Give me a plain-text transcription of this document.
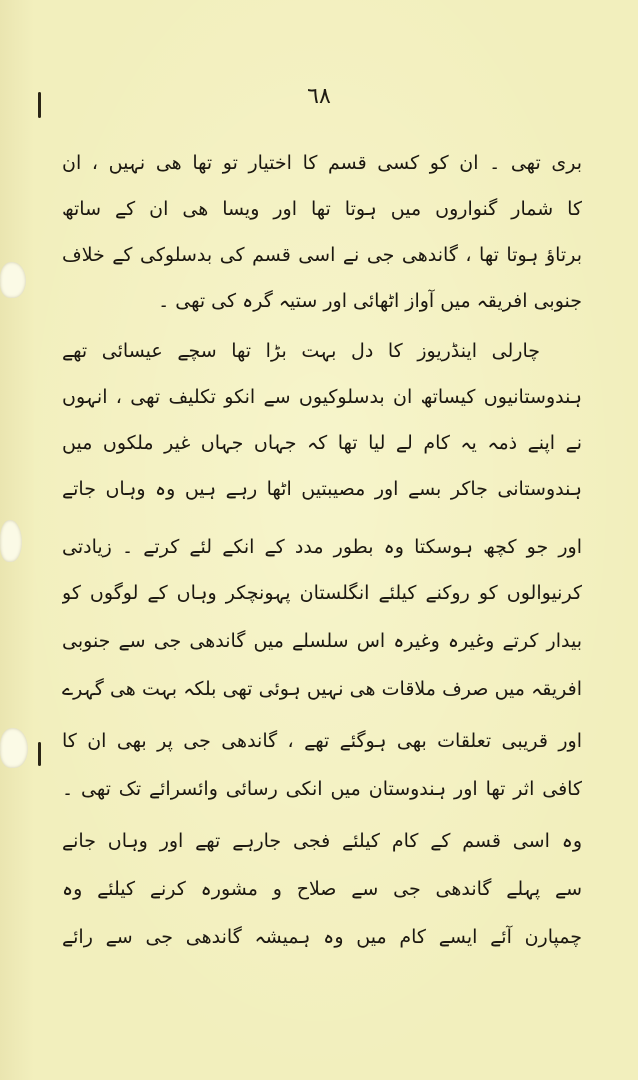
٦٨
بری تھی ۔ ان کو کسی قسم کا اختیار تو تھا ھی نہیں ، ان
کا شمار گنواروں میں ہوتا تھا اور ویسا ھی ان کے ساتھ
برتاؤ ہوتا تھا ، گاندھی جی نے اسی قسم کی بدسلوکی کے خلاف
جنوبی افریقہ میں آواز اٹھائی اور ستیہ گرہ کی تھی ۔
چارلی اینڈریوز کا دل بہت بڑا تھا سچے عیسائی تھے
ہندوستانیوں کیساتھ ان بدسلوکیوں سے انکو تکلیف تھی ، انہوں
نے اپنے ذمہ یہ کام لے لیا تھا کہ جہاں جہاں غیر ملکوں میں
ہندوستانی جاکر بسے اور مصیبتیں اٹھا رہے ہیں وہ وہاں جاتے
اور جو کچھ ہوسکتا وہ بطور مدد کے انکے لئے کرتے ۔ زیادتی
کرنیوالوں کو روکنے کیلئے انگلستان پہونچکر وہاں کے لوگوں کو
بیدار کرتے وغیرہ وغیرہ اس سلسلے میں گاندھی جی سے جنوبی
افریقہ میں صرف ملاقات ھی نہیں ہوئی تھی بلکہ بہت ھی گہرے
اور قریبی تعلقات بھی ہوگئے تھے ، گاندھی جی پر بھی ان کا
کافی اثر تھا اور ہندوستان میں انکی رسائی وائسرائے تک تھی ۔
وہ اسی قسم کے کام کیلئے فجی جارہے تھے اور وہاں جانے
سے پہلے گاندھی جی سے صلاح و مشورہ کرنے کیلئے وہ
چمپارن آئے ایسے کام میں وہ ہمیشہ گاندھی جی سے رائے
